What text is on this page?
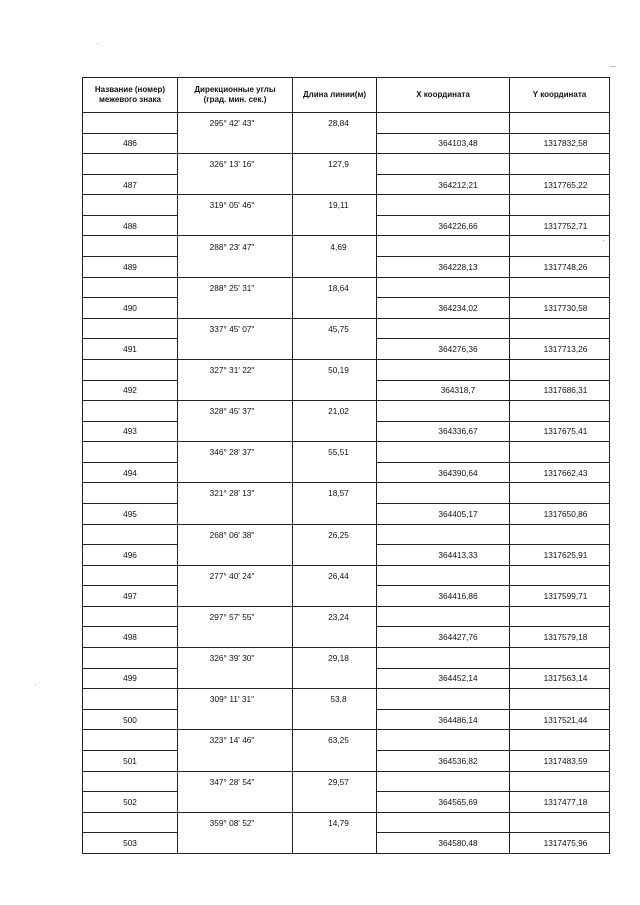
Название (номер)
межевого знака	Дирекционные углы
(град. мин. сек.)	Длина линии(м)	X координата	Y координата
	295° 42' 43"	28,84		
486			364103,48	1317832,58
	326° 13' 16"	127,9		
487			364212,21	1317765,22
	319° 05' 46"	19,11		
488			364226,66	1317752,71
	288° 23' 47"	4,69		
489			364228,13	1317748,26
	288° 25' 31"	18,64		
490			364234,02	1317730,58
	337° 45' 07"	45,75		
491			364276,36	1317713,26
	327° 31' 22"	50,19		
492			364318,7	1317686,31
	328° 45' 37"	21,02		
493			364336,67	1317675,41
	346° 28' 37"	55,51		
494			364390,64	1317662,43
	321° 28' 13"	18,57		
495			364405,17	1317650,86
	268° 06' 38"	26,25		
496			364413,33	1317625,91
	277° 40' 24"	26,44		
497			364416,86	1317599,71
	297° 57' 55"	23,24		
498			364427,76	1317579,18
	326° 39' 30"	29,18		
499			364452,14	1317563,14
	309° 11' 31"	53,8		
500			364486,14	1317521,44
	323° 14' 46"	63,25		
501			364536,82	1317483,59
	347° 28' 54"	29,57		
502			364565,69	1317477,18
	359° 08' 52"	14,79		
503			364580,48	1317475,96
